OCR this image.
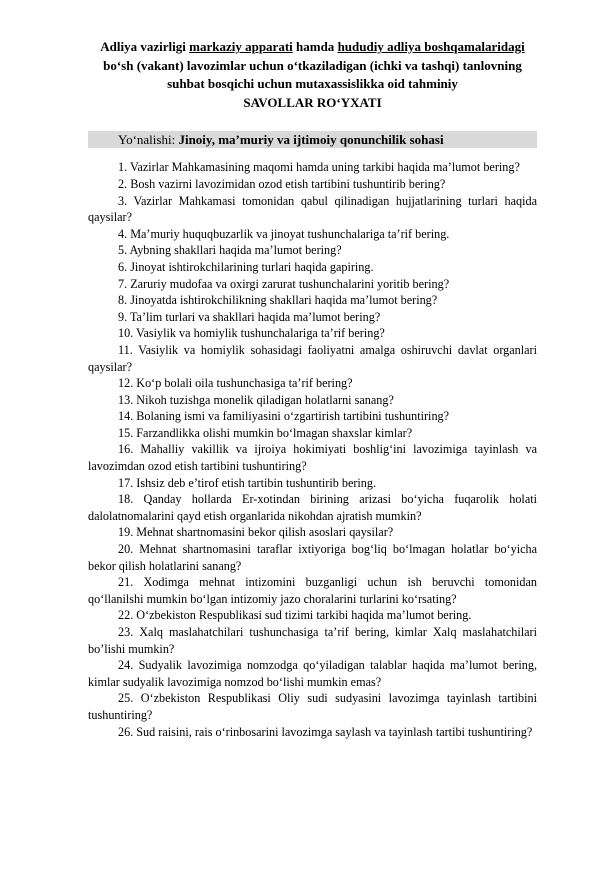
Adliya vazirligi markaziy apparati hamda hududiy adliya boshqamalaridagi
bo‘sh (vakant) lavozimlar uchun o‘tkaziladigan (ichki va tashqi) tanlovning
suhbat bosqichi uchun mutaxassislikka oid tahminiy
SAVOLLAR RO‘YXATI
Yo‘nalishi: Jinoiy, ma’muriy va ijtimoiy qonunchilik sohasi

1. Vazirlar Mahkamasining maqomi hamda uning tarkibi haqida ma’lumot bering?

2. Bosh vazirni lavozimidan ozod etish tartibini tushuntirib bering?

3. Vazirlar Mahkamasi tomonidan qabul qilinadigan hujjatlarining turlari haqida qaysilar?

4. Ma’muriy huquqbuzarlik va jinoyat tushunchalariga ta’rif bering.

5. Aybning shakllari haqida ma’lumot bering?

6. Jinoyat ishtirokchilarining turlari haqida gapiring.

7. Zaruriy mudofaa va oxirgi zarurat tushunchalarini yoritib bering?

8. Jinoyatda ishtirokchilikning shakllari haqida ma’lumot bering?

9. Ta’lim turlari va shakllari haqida ma’lumot bering?

10. Vasiylik va homiylik tushunchalariga ta’rif bering?

11. Vasiylik va homiylik sohasidagi faoliyatni amalga oshiruvchi davlat organlari qaysilar?

12. Ko‘p bolali oila tushunchasiga ta’rif bering?

13. Nikoh tuzishga monelik qiladigan holatlarni sanang?

14. Bolaning ismi va familiyasini o‘zgartirish tartibini tushuntiring?

15. Farzandlikka olishi mumkin bo‘lmagan shaxslar kimlar?

16. Mahalliy vakillik va ijroiya hokimiyati boshlig‘ini lavozimiga tayinlash va lavozimdan ozod etish tartibini tushuntiring?

17. Ishsiz deb e’tirof etish tartibin tushuntirib bering.

18. Qanday hollarda Er-xotindan birining arizasi bo‘yicha fuqarolik holati dalolatnomalarini qayd etish organlarida nikohdan ajratish mumkin?

19. Mehnat shartnomasini bekor qilish asoslari qaysilar?

20. Mehnat shartnomasini taraflar ixtiyoriga bog‘liq bo‘lmagan holatlar bo‘yicha bekor qilish holatlarini sanang?

21. Xodimga mehnat intizomini buzganligi uchun ish beruvchi tomonidan qo‘llanilshi mumkin bo‘lgan intizomiy jazo choralarini turlarini ko‘rsating?

22. O‘zbekiston Respublikasi sud tizimi tarkibi haqida ma’lumot bering.

23. Xalq maslahatchilari tushunchasiga ta’rif bering, kimlar Xalq maslahatchilari bo’lishi mumkin?

24. Sudyalik lavozimiga nomzodga qo‘yiladigan talablar haqida ma’lumot bering, kimlar sudyalik lavozimiga nomzod bo‘lishi mumkin emas?

25. O‘zbekiston Respublikasi Oliy sudi sudyasini lavozimga tayinlash tartibini tushuntiring?

26. Sud raisini, rais o‘rinbosarini lavozimga saylash va tayinlash tartibi tushuntiring?
